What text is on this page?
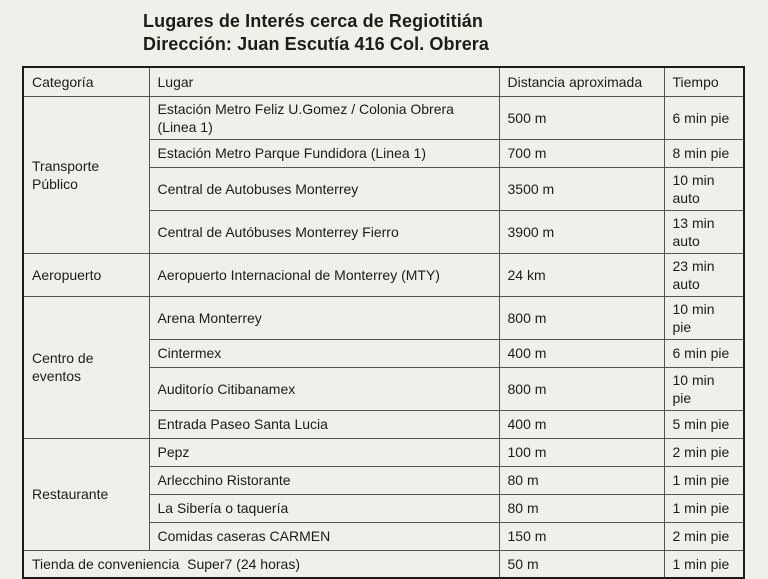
Lugares de Interés cerca de Regiotitián
Dirección: Juan Escutía 416 Col. Obrera
Categoría	Lugar	Distancia aproximada	Tiempo
Transporte Público	Estación Metro Feliz U.Gomez / Colonia Obrera (Linea 1)	500 m	6 min pie
	Estación Metro Parque Fundidora (Linea 1)	700 m	8 min pie
	Central de Autobuses Monterrey	3500 m	10 min auto
	Central de Autóbuses Monterrey Fierro	3900 m	13 min auto
Aeropuerto	Aeropuerto Internacional de Monterrey (MTY)	24 km	23 min auto
Centro de eventos	Arena Monterrey	800 m	10 min pie
	Cintermex	400 m	6 min pie
	Auditorío Citibanamex	800 m	10 min pie
	Entrada Paseo Santa Lucia	400 m	5 min pie
Restaurante	Pepz	100 m	2 min pie
	Arlecchino Ristorante	80 m	1 min pie
	La Sibería o taquería	80 m	1 min pie
	Comidas caseras CARMEN	150 m	2 min pie
Tienda de conveniencia  Super7 (24 horas)		50 m	1 min pie
